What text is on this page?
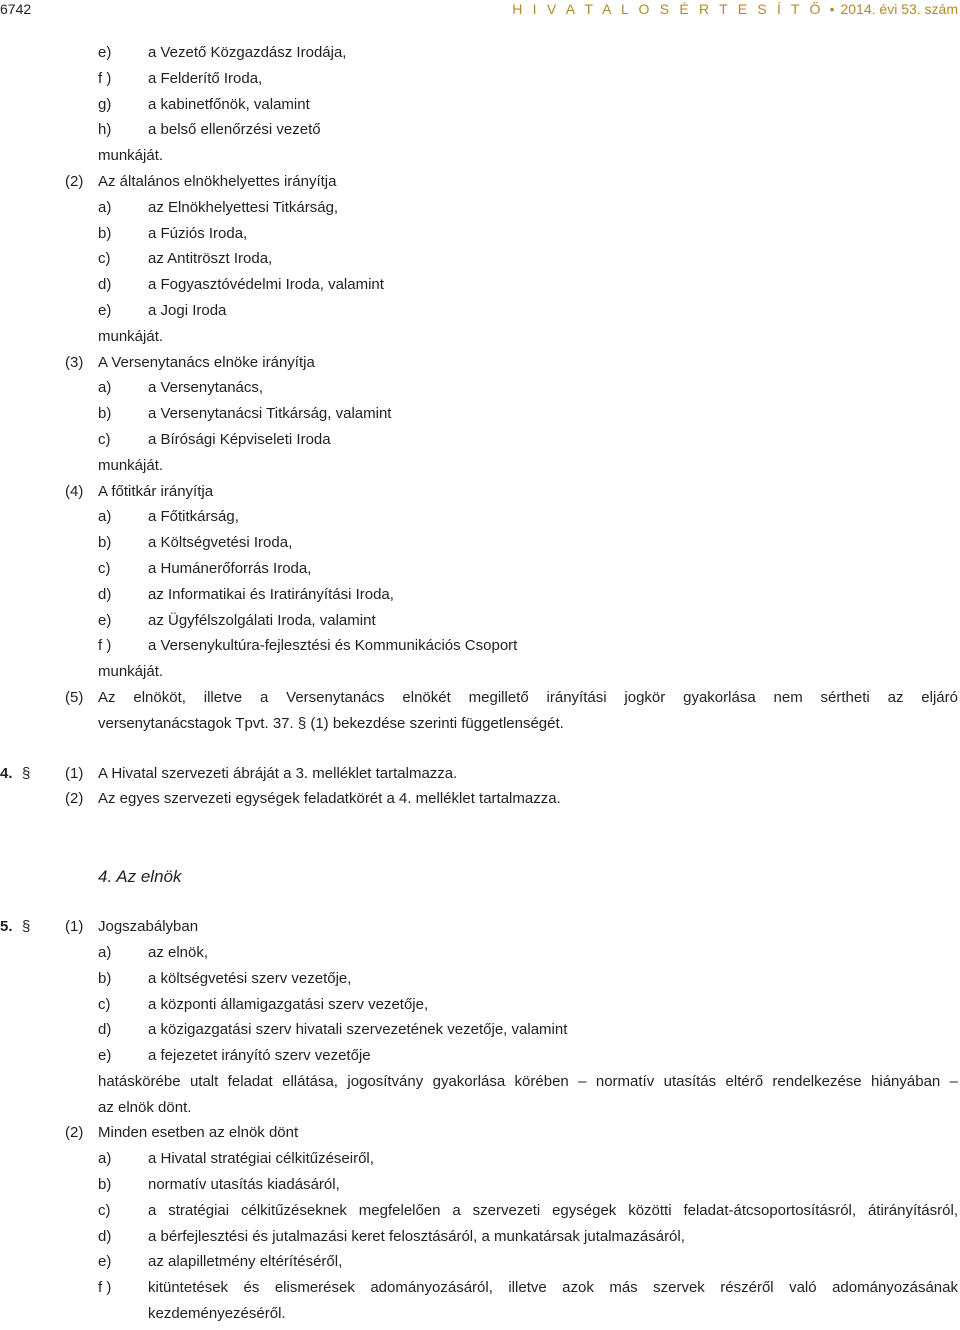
6742	H I V A T A L O S É R T E S Í T Ő • 2014. évi 53. szám
e) a Vezető Közgazdász Irodája,
f ) a Felderítő Iroda,
g) a kabinetfőnök, valamint
h) a belső ellenőrzési vezető
munkáját.
(2) Az általános elnökhelyettes irányítja
a) az Elnökhelyettesi Titkárság,
b) a Fúziós Iroda,
c)	az Antitröszt Iroda,
d) a Fogyasztóvédelmi Iroda, valamint
e) a Jogi Iroda
munkáját.
(3) A Versenytanács elnöke irányítja
a) a Versenytanács,
b) a Versenytanácsi Titkárság, valamint
c)	a Bírósági Képviseleti Iroda
munkáját.
(4) A főtitkár irányítja
a) a Főtitkárság,
b) a Költségvetési Iroda,
c)	a Humánerőforrás Iroda,
d) az Informatikai és Iratirányítási Iroda,
e) az Ügyfélszolgálati Iroda, valamint
f ) a Versenykultúra-fejlesztési és Kommunikációs Csoport
munkáját.
(5) Az elnököt, illetve a Versenytanács elnökét megillető irányítási jogkör gyakorlása nem sértheti az eljáró
versenytanácstagok Tpvt. 37. § (1) bekezdése szerinti függetlenségét.
4. § (1) A Hivatal szervezeti ábráját a 3. melléklet tartalmazza.
(2) Az egyes szervezeti egységek feladatkörét a 4. melléklet tartalmazza.
4. Az elnök
5. § (1) Jogszabályban
a) az elnök,
b) a költségvetési szerv vezetője,
c)	a központi államigazgatási szerv vezetője,
d) a közigazgatási szerv hivatali szervezetének vezetője, valamint
e) a fejezetet irányító szerv vezetője
hatáskörébe utalt feladat ellátása, jogosítvány gyakorlása körében – normatív utasítás eltérő rendelkezése hiányában –
az elnök dönt.
(2) Minden esetben az elnök dönt
a) a Hivatal stratégiai célkitűzéseiről,
b) normatív utasítás kiadásáról,
c)	a stratégiai célkitűzéseknek megfelelően a szervezeti egységek közötti feladat-átcsoportosításról, átirányításról,
d) a bérfejlesztési és jutalmazási keret felosztásáról, a munkatársak jutalmazásáról,
e) az alapilletmény eltérítéséről,
f ) kitüntetések és elismerések adományozásáról, illetve azok más szervek részéről való adományozásának
kezdeményezéséről.
